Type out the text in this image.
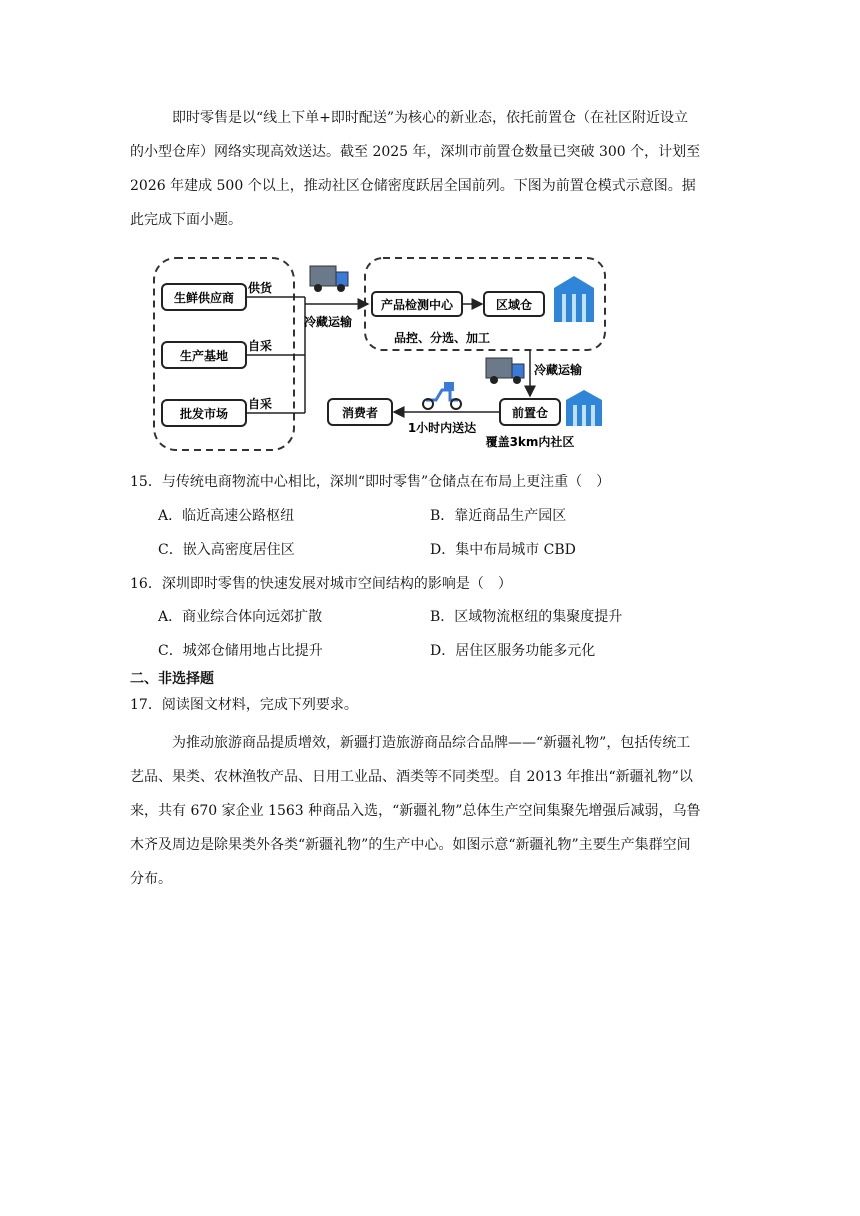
即时零售是以“线上下单+即时配送”为核心的新业态，依托前置仓（在社区附近设立
的小型仓库）网络实现高效送达。截至 2025 年，深圳市前置仓数量已突破 300 个，计划至
2026 年建成 500 个以上，推动社区仓储密度跃居全国前列。下图为前置仓模式示意图。据
此完成下面小题。
生鲜供应商
生产基地
批发市场
供货
自采
自采
冷藏运输
产品检测中心	区域仓
品控、分选、加工
冷藏运输
前置仓
覆盖3km内社区
1小时内送达
消费者
15．与传统电商物流中心相比，深圳“即时零售”仓储点在布局上更注重（　）
A．临近高速公路枢纽	B．靠近商品生产园区
C．嵌入高密度居住区	D．集中布局城市 CBD
16．深圳即时零售的快速发展对城市空间结构的影响是（　）
A．商业综合体向远郊扩散	B．区域物流枢纽的集聚度提升
C．城郊仓储用地占比提升	D．居住区服务功能多元化
二、非选择题
17．阅读图文材料，完成下列要求。
为推动旅游商品提质增效，新疆打造旅游商品综合品牌——“新疆礼物”，包括传统工
艺品、果类、农林渔牧产品、日用工业品、酒类等不同类型。自 2013 年推出“新疆礼物”以
来，共有 670 家企业 1563 种商品入选，“新疆礼物”总体生产空间集聚先增强后减弱，乌鲁
木齐及周边是除果类外各类“新疆礼物”的生产中心。如图示意“新疆礼物”主要生产集群空间
分布。
